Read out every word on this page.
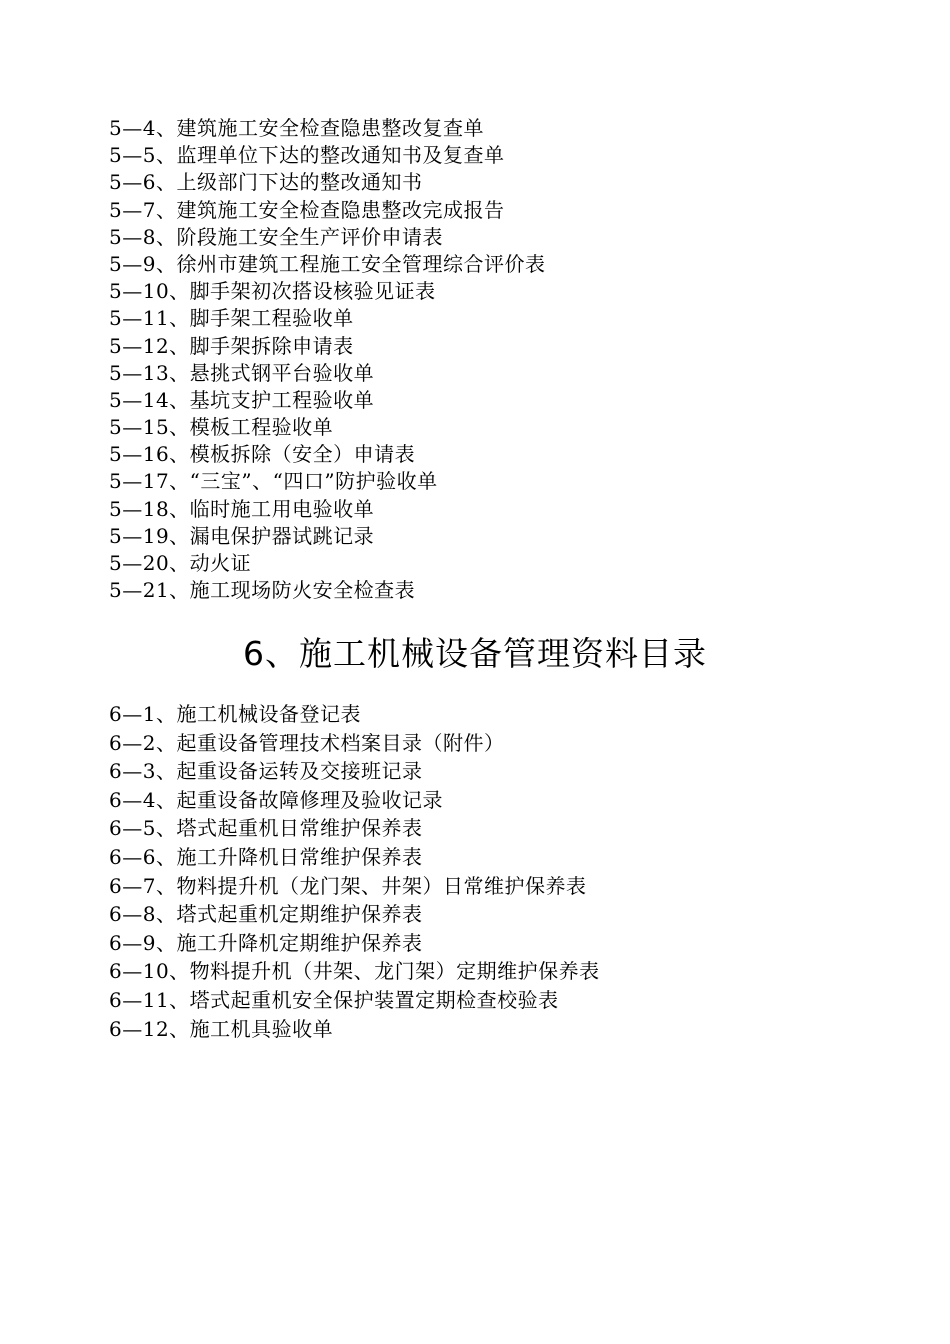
5—4、建筑施工安全检查隐患整改复查单
5—5、监理单位下达的整改通知书及复查单
5—6、上级部门下达的整改通知书
5—7、建筑施工安全检查隐患整改完成报告
5—8、阶段施工安全生产评价申请表
5—9、徐州市建筑工程施工安全管理综合评价表
5—10、脚手架初次搭设核验见证表
5—11、脚手架工程验收单
5—12、脚手架拆除申请表
5—13、悬挑式钢平台验收单
5—14、基坑支护工程验收单
5—15、模板工程验收单
5—16、模板拆除（安全）申请表
5—17、“三宝”、“四口”防护验收单
5—18、临时施工用电验收单
5—19、漏电保护器试跳记录
5—20、动火证
5—21、施工现场防火安全检查表
6、施工机械设备管理资料目录
6—1、施工机械设备登记表
6—2、起重设备管理技术档案目录（附件）
6—3、起重设备运转及交接班记录
6—4、起重设备故障修理及验收记录
6—5、塔式起重机日常维护保养表
6—6、施工升降机日常维护保养表
6—7、物料提升机（龙门架、井架）日常维护保养表
6—8、塔式起重机定期维护保养表
6—9、施工升降机定期维护保养表
6—10、物料提升机（井架、龙门架）定期维护保养表
6—11、塔式起重机安全保护装置定期检查校验表
6—12、施工机具验收单
